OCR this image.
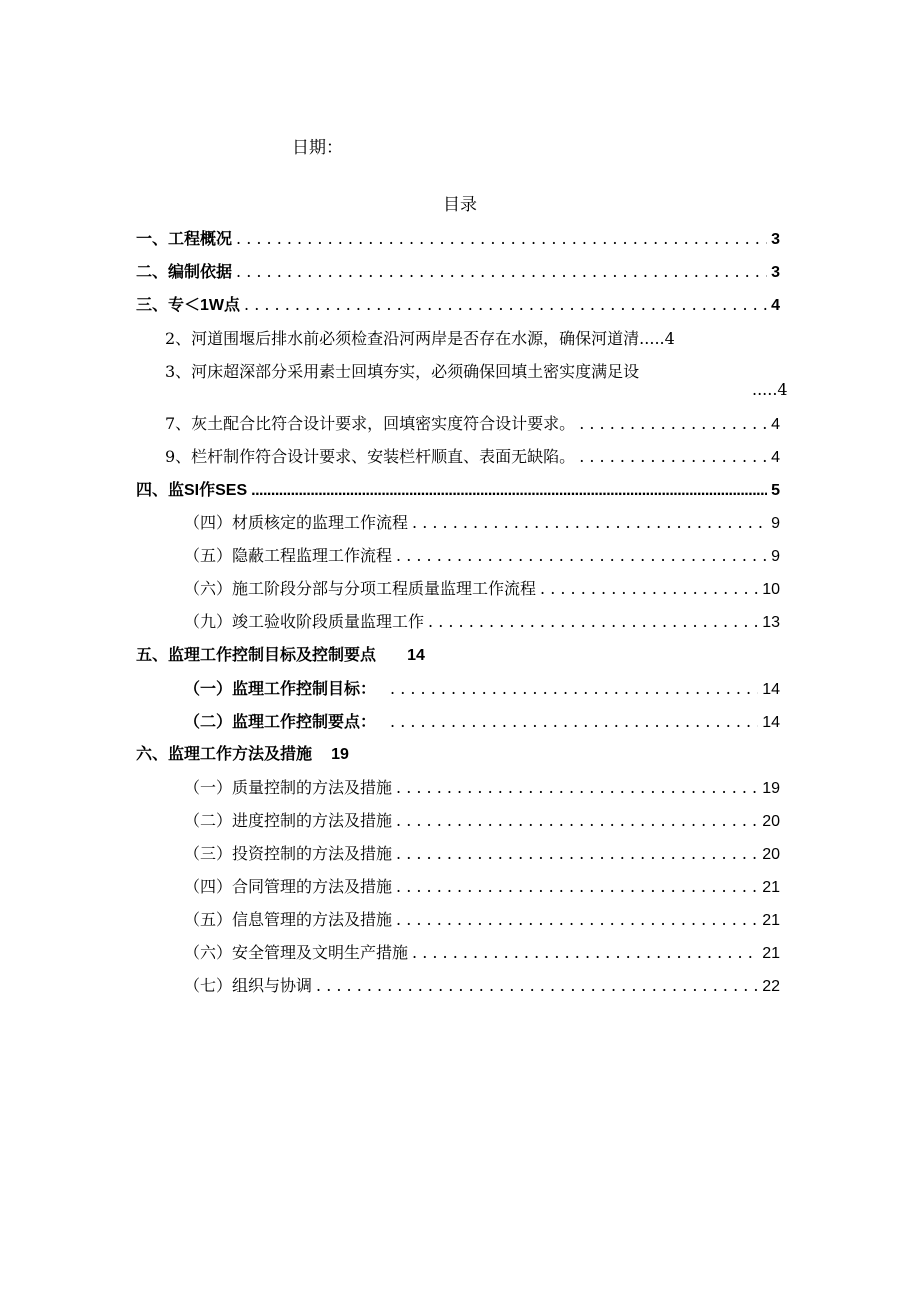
日期：
目录
一、工程概况 . . .	3
二、编制依据 . . .	3
三、专＜1W点 . . .	4
2、河道围堰后排水前必须检查沿河两岸是否存在水源，确保河道清.....4
3、河床超深部分采用素士回填夯实，必须确保回填土密实度满足设
.....4
7、灰土配合比符合设计要求，回填密实度符合设计要求。 . . .	4
9、栏杆制作符合设计要求、安装栏杆顺直、表面无缺陷。 . . .	4
四、监SI作SES .....	5
（四）材质核定的监理工作流程 . . .	9
（五）隐蔽工程监理工作流程 . . .	9
（六）施工阶段分部与分项工程质量监理工作流程 . . .	10
（九）竣工验收阶段质量监理工作 . . .	13
五、监理工作控制目标及控制要点 14
（一）监理工作控制目标： . . .	14
（二）监理工作控制要点： . . .	14
六、监理工作方法及措施 19
（一）质量控制的方法及措施 . . .	19
（二）进度控制的方法及措施 . . .	20
（三）投资控制的方法及措施 . . .	20
（四）合同管理的方法及措施 . . .	21
（五）信息管理的方法及措施 . . .	21
（六）安全管理及文明生产措施 . . .	21
（七）组织与协调 . . .	22
